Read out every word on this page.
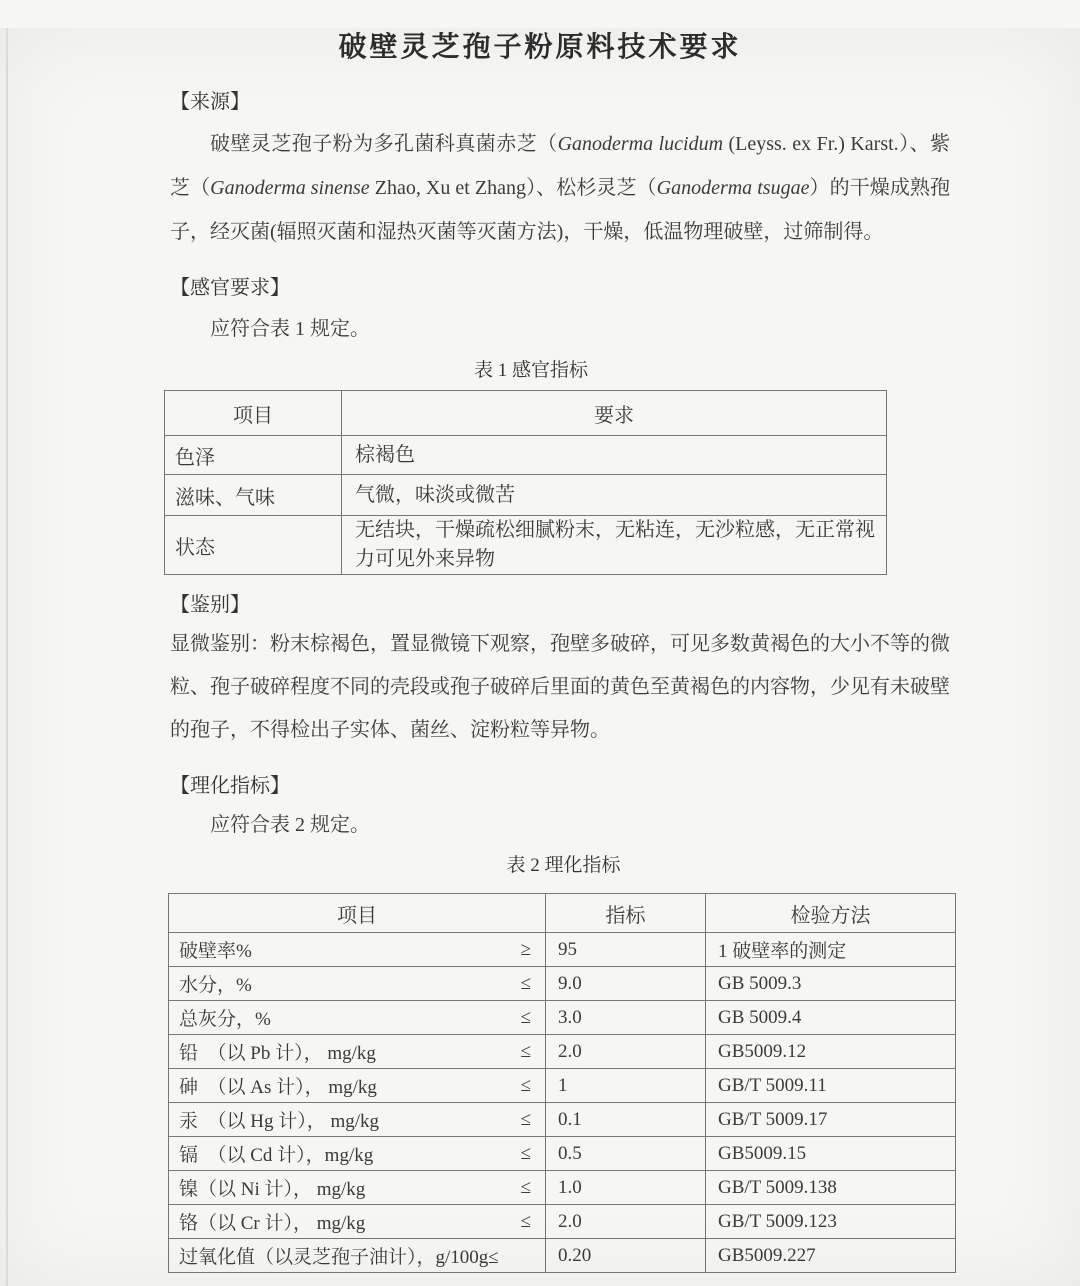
破壁灵芝孢子粉原料技术要求
【来源】

破壁灵芝孢子粉为多孔菌科真菌赤芝（Ganoderma lucidum (Leyss. ex Fr.) Karst.）、紫芝（Ganoderma sinense Zhao, Xu et Zhang）、松杉灵芝（Ganoderma tsugae）的干燥成熟孢子，经灭菌(辐照灭菌和湿热灭菌等灭菌方法)，干燥，低温物理破壁，过筛制得。

【感官要求】
应符合表 1 规定。
表 1 感官指标
项目	要求
色泽	棕褐色
滋味、气味	气微，味淡或微苦
状态	无结块，干燥疏松细腻粉末，无粘连，无沙粒感，无正常视力可见外来异物
【鉴别】

显微鉴别：粉末棕褐色，置显微镜下观察，孢壁多破碎，可见多数黄褐色的大小不等的微粒、孢子破碎程度不同的壳段或孢子破碎后里面的黄色至黄褐色的内容物，少见有未破壁的孢子，不得检出子实体、菌丝、淀粉粒等异物。

【理化指标】
应符合表 2 规定。
表 2 理化指标
项目	指标	检验方法

破壁率% ≥	95	1 破壁率的测定

水分，% ≤	9.0	GB 5009.3

总灰分，% ≤	3.0	GB 5009.4

铅　（以 Pb 计）， mg/kg ≤	2.0	GB5009.12

砷　（以 As 计）， mg/kg ≤	1	GB/T 5009.11

汞　（以 Hg 计）， mg/kg ≤	0.1	GB/T 5009.17

镉　（以 Cd 计），mg/kg ≤	0.5	GB5009.15

镍（以 Ni 计）， mg/kg ≤	1.0	GB/T 5009.138

铬（以 Cr 计）， mg/kg ≤	2.0	GB/T 5009.123

过氧化值（以灵芝孢子油计），g/100g≤	0.20	GB5009.227
